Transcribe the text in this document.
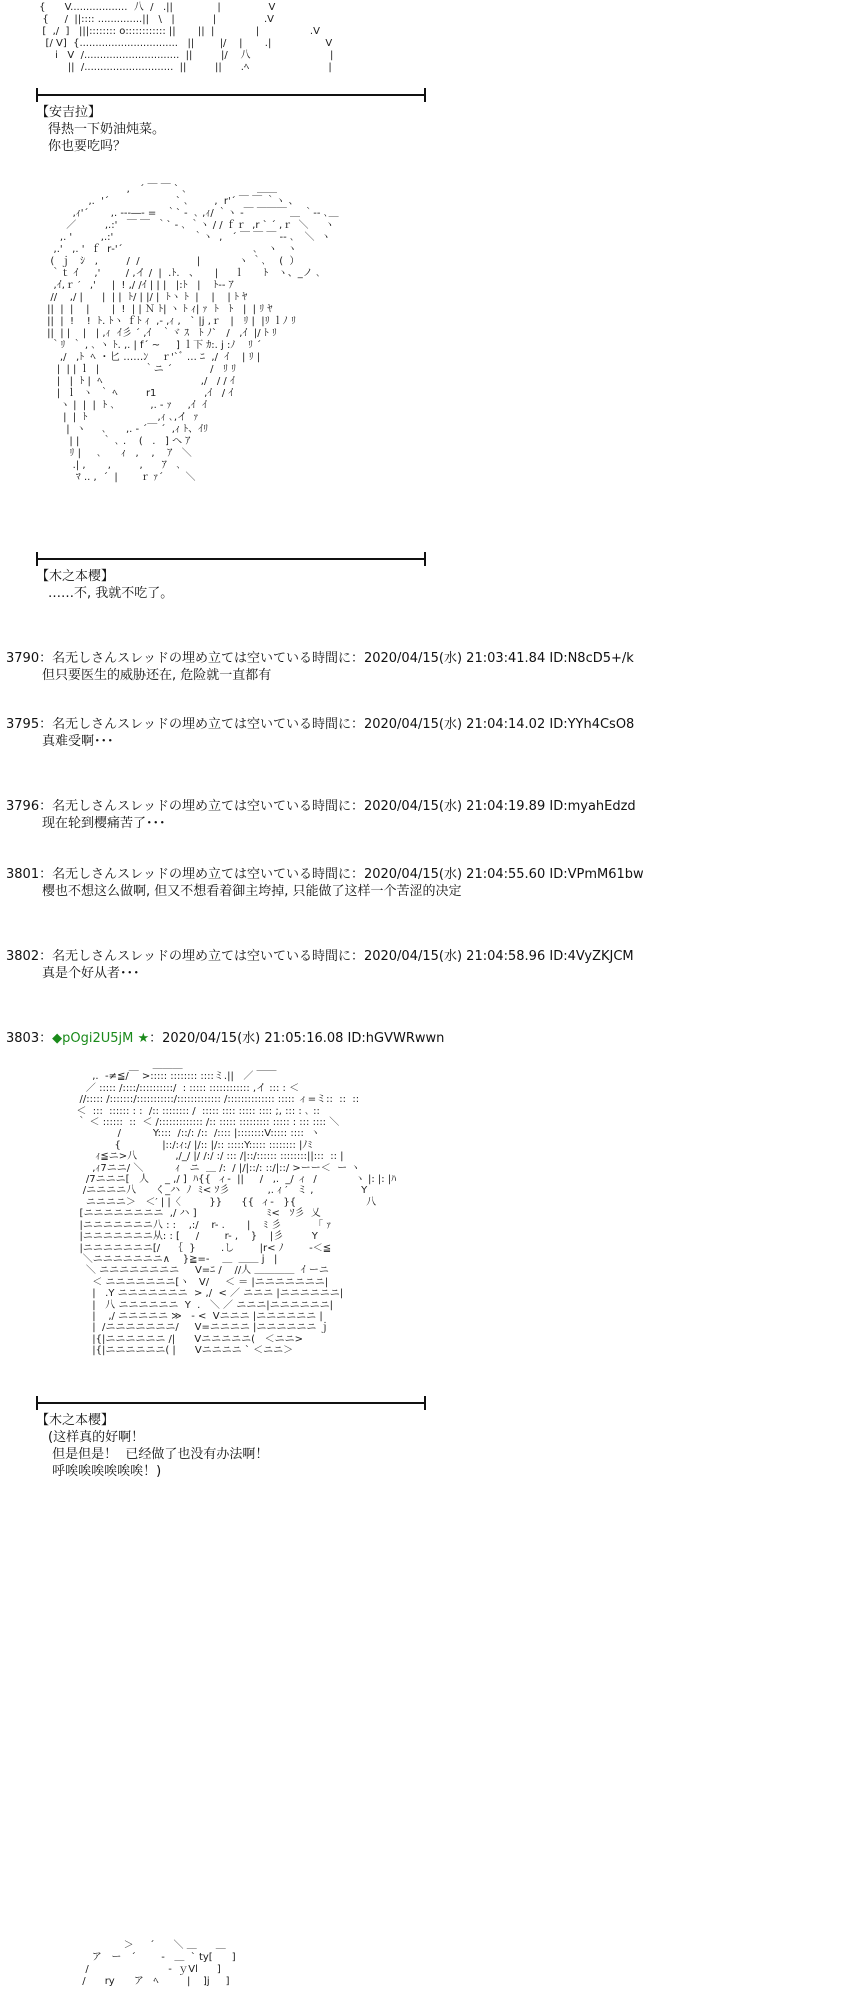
{      V..................  八  /   .||              |               V
{     /  ||:::: ..............||   \   |            |               .V
[  ,/  ]   |||:::::::: o:::::::::::: ||       ||  |             |                .V
[/ V]  {...............................   ||        |/    |       .|                 V
i   V  /..............................  ||         |/    八                         |
||  /............................  ||         ||      .ﾍ                         |
【安吉拉】
得热一下奶油炖菜。
你也要吃吗？
,   ´ ￣ ￣ ` ､                      ＿＿
,.  '´                     ` ､        ,  r'´ ￣ ￣ ｀ヽ 、
,ｨ'´       ,. ---―‐ =   ｀` ‐  ､ ,ｨ/ ｀ヽ ‐￣ ￣￣￣ ＿ ｀‐- ､＿
／         ,.:'   ￣ ￣  ｀` ‐ ､ ｀ヽ / / ｆｒ  ,r ` ´ ,ｒ  ＼     ヽ
,. '         ,.:'                         ｀ヽ  ,   ´ ￣ ￣ ￣ ‐- ､   ＼  ヽ
,.'   ,. '  ｆ  r‐'´                                         ､   ヽ   ヽ
(  ｊ   ｼ   ,         /  /                  |            ヽ ｀､    (  ）
｀ｔ ｲ     ,'        / ,イ /  |  .ﾄ.   、     |     ｌ      ﾄ   ヽ、_ノ ､
,ｲ,ｒ ′   ,'     |  ! ,/ /ｲ | | |   |:ﾄ   |    ﾄ-‐ ｱ
//    ,/ |      |  | |  ﾄ/ | |/ |  ﾄヽ ﾄ  |    |    | ﾄ ﾔ
||  |  |    |       |  !  | | Ｎ ﾄ| ヽ ﾄ ｨ| ｧ  ﾄ   ﾄ   |  | ﾘ ﾔ
||  |  !    !  ﾄ. ﾄヽ ｆﾄ ｨ  ,- ,ｨ ,   ` |j ,ｒ   |   ﾘ |  |ﾘ ｌﾉ ﾘ
||  | |    |   | ,ｨ  ｲ彡 ´ ,ｲ   ｀ヾ ｽ   ﾄ ﾉ`   /   ,ｲ  |/ ﾄ ﾘ
｀ﾘ  ｀ , ､ ヽ ﾄ. ,. | f´ ~     ] ｌ下 ｶ:. j :ﾉ    ﾘ ´
,/   ,ﾄ  ﾍ  ･ 匕 ……ﾝ    ｒ'`ﾞ … ﾆ  ,/  ｲ    | ﾘ |
|  | | ｌ  |              ｀ニ ´            /   ﾘ ﾘ
|   |  ﾄ |  ﾍ                               ,/   / / ｲ
|  ｌ  ヽ  ｀ ﾍ         r1               ,ｲ   / ｲ
ヽ |  |  |  ﾄ ､           ,. ‐ ｧ     ,ｲ  ｲ
|  |  ﾄ                      ,ｨ ､,イ  ｧ
|  ヽ     ､      ,. ‐ ´￣ ´  ,ｨ ﾄ、ｲﾘ
| |       ｀ ､ .    (   .   ] へ ｱ
ﾘ |     ､      ｨ   ,    ,    ｱ   ＼
.| ,       ,         ,      ｱ   ､
ﾏ .. ,  ´  |       ｒ ｧ´       ＼
【木之本樱】
……不, 我就不吃了。
3790：名无しさんスレッドの埋め立ては空いている時間に：2020/04/15(水) 21:03:41.84 ID:N8cD5+/k
但只要医生的威胁还在, 危险就一直都有
3795：名无しさんスレッドの埋め立ては空いている時間に：2020/04/15(水) 21:04:14.02 ID:YYh4CsO8
真难受啊･･･
3796：名无しさんスレッドの埋め立ては空いている時間に：2020/04/15(水) 21:04:19.89 ID:myahEdzd
现在轮到樱痛苦了･･･
3801：名无しさんスレッドの埋め立ては空いている時間に：2020/04/15(水) 21:04:55.60 ID:VPmM61bw
樱也不想这么做啊, 但又不想看着御主垮掉, 只能做了这样一个苦涩的决定
3802：名无しさんスレッドの埋め立ては空いている時間に：2020/04/15(水) 21:04:58.96 ID:4VyZKJCM
真是个好从者･･･
3803：◆pOgi2U5jM ★：2020/04/15(水) 21:05:16.08 ID:hGVWRwwn
＿＿＿
,.  ‐≠≦/￣ >::::: :::::::: ::::ミ.||   ／ ￣￣
／ ::::: /::::/::::::::::/  : ::::: :::::::::::: ,イ ::: : ＜
//::::: /:::::::/:::::::::::/::::::::::::: /:::::::::::::: ::::: ィ=ミ::  ::  ::
＜  :::  :::::: : :  /:: :::::::: /  ::::: :::: ::::: :::: ;, ::: : ､ ::
｀ ＜ ::::::  ::  ＜ /::::::::::::: /:: ::::: ::::::::: ::::: : ::: :::: ＼
/          Y::::  /::/: /::  /:::: |::::::::V::::: ::::  ヽ
{             |::/:ｨ:/ |/:: |/:: :::::Y::::: :::::::: |ﾉﾐ
ｨ≦ニ>八            ,/_/ |/ /:/ :/ ::: /|::/:::::: ::::::::||:::  :: |
,ｨ7ニニ/ ＼          ｨ   ニ  ＿ /:  / |/|::/: ::/|::/ >ーー＜  ー ヽ
/7ニニニ[   人     _ ,/ ]  ﾊ{{  ィ-  ||     /   ,.  _/ ィ  /            ヽ |: |: |ﾊ
/ニニニニ八      く_ハ  ﾉ  ﾐ< ｿ彡            ,. ｨ ′   ミ ,               Y
ニニニニ＞   ＜′ | |〈         }}      {{  ィ-   }{                      八
[ニニニニニニニニ  ,/ ハ ]                      ﾐ<   ｿ彡  乂
|ニニニニニニニ八 : :    ,:/    r- .       |    ﾐ 彡          「 ｧ
|ニニニニニニニ从: : [     /        r- ,    }    |彡         Y
|ニニニニニニニ[/    ｛  }        .し        |r< ﾉ        -＜≦
＼ニニニニニニニ∧    }≧=-    ＿  ＿＿ j   |
＼ ニニニニニニニニ     V=ﾆ /    //人 ＿＿＿＿  ｲ ーニ
＜ ニニニニニニニ[ヽ   V/     ＜ ＝ |ニニニニニニニ|
|   .Y ニニニニニニニ  > ,/  < ／ ニニニ |ニニニニニニ|
|   八 ニニニニニニ  Y  .   ＼ ／ ニニニ|ニニニニニニ|
|    ,/ ニニニニニ ≫   - <  Vニニニ |ニニニニニニ |
|  /ニニニニニニニ/     V=ニニニニ |ニニニニニニ ｊ
|{|ニニニニニニ /|      Vニニニニニ(   ＜ニニ>
|{|ニニニニニニ( |      Vニニニニ ` ＜ニニ＞
【木之本樱】
(这样真的好啊！
但是但是！  已经做了也没有办法啊！
呼唉唉唉唉唉唉！)
＞     ´      ＼ ＿      ＿
ア   ー   ´        ‐   ＿  ` ty[      ]
/                         ‐  ｙVl      ]
/      ry      ア   ﾍ         |    ]j     ]
